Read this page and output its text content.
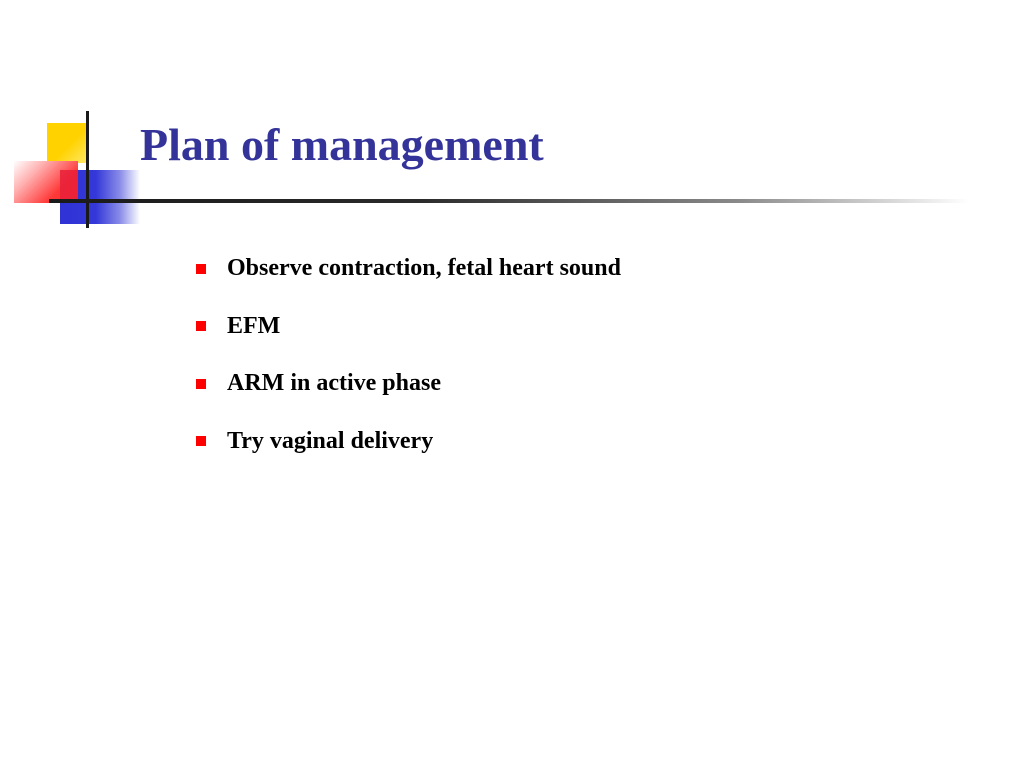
Plan of management
Observe contraction, fetal heart sound
EFM
ARM in active phase
Try vaginal delivery
